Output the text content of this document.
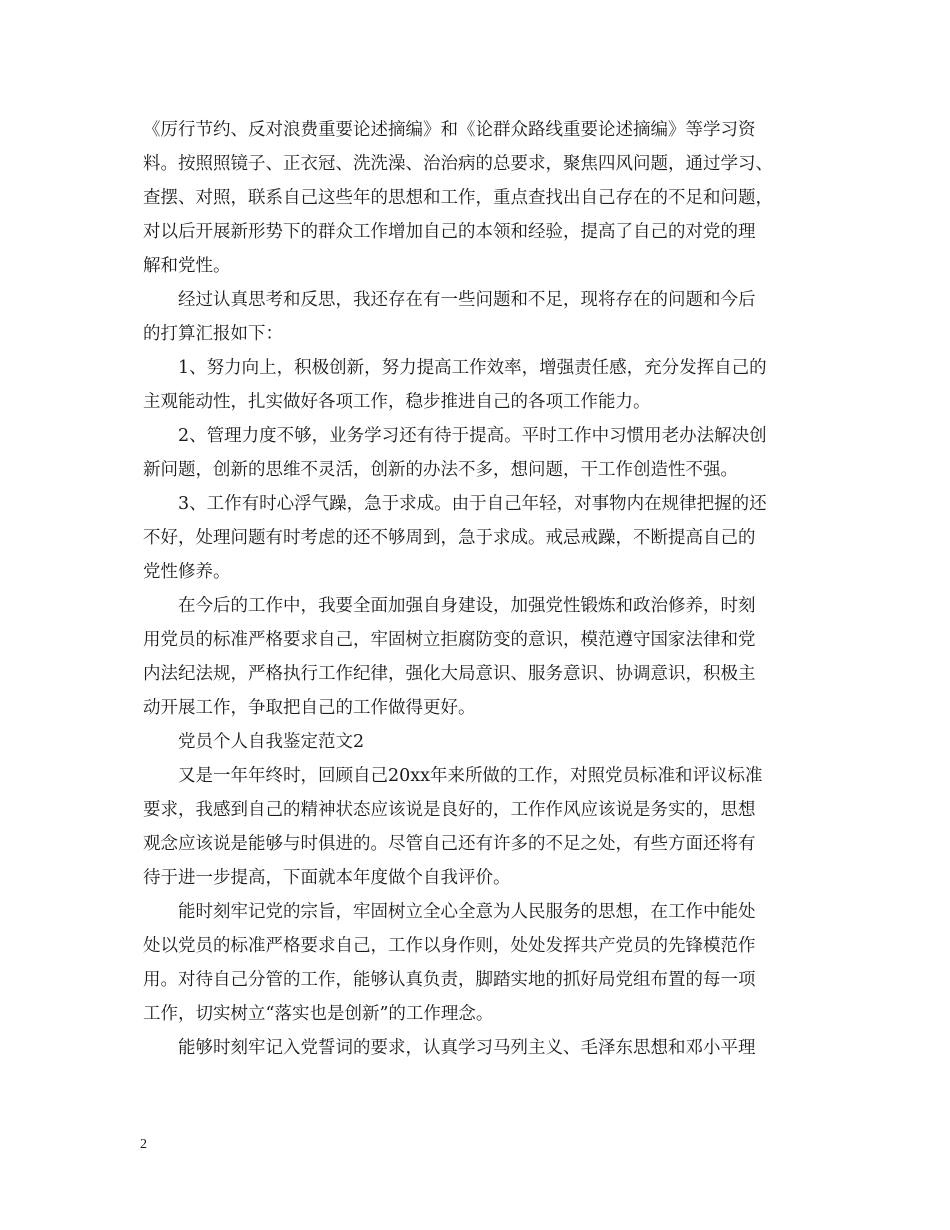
《厉行节约、反对浪费重要论述摘编》和《论群众路线重要论述摘编》等学习资
料。按照照镜子、正衣冠、洗洗澡、治治病的总要求，聚焦四风问题，通过学习、
查摆、对照，联系自己这些年的思想和工作，重点查找出自己存在的不足和问题，
对以后开展新形势下的群众工作增加自己的本领和经验，提高了自己的对党的理
解和党性。
经过认真思考和反思，我还存在有一些问题和不足，现将存在的问题和今后
的打算汇报如下：
1、努力向上，积极创新，努力提高工作效率，增强责任感，充分发挥自己的
主观能动性，扎实做好各项工作，稳步推进自己的各项工作能力。
2、管理力度不够，业务学习还有待于提高。平时工作中习惯用老办法解决创
新问题，创新的思维不灵活，创新的办法不多，想问题，干工作创造性不强。
3、工作有时心浮气躁，急于求成。由于自己年轻，对事物内在规律把握的还
不好，处理问题有时考虑的还不够周到，急于求成。戒忌戒躁，不断提高自己的
党性修养。
在今后的工作中，我要全面加强自身建设，加强党性锻炼和政治修养，时刻
用党员的标准严格要求自己，牢固树立拒腐防变的意识，模范遵守国家法律和党
内法纪法规，严格执行工作纪律，强化大局意识、服务意识、协调意识，积极主
动开展工作，争取把自己的工作做得更好。
党员个人自我鉴定范文2
又是一年年终时，回顾自己20xx年来所做的工作，对照党员标准和评议标准
要求，我感到自己的精神状态应该说是良好的，工作作风应该说是务实的，思想
观念应该说是能够与时俱进的。尽管自己还有许多的不足之处，有些方面还将有
待于进一步提高，下面就本年度做个自我评价。
能时刻牢记党的宗旨，牢固树立全心全意为人民服务的思想，在工作中能处
处以党员的标准严格要求自己，工作以身作则，处处发挥共产党员的先锋模范作
用。对待自己分管的工作，能够认真负责，脚踏实地的抓好局党组布置的每一项
工作，切实树立“落实也是创新”的工作理念。
能够时刻牢记入党誓词的要求，认真学习马列主义、毛泽东思想和邓小平理
2
